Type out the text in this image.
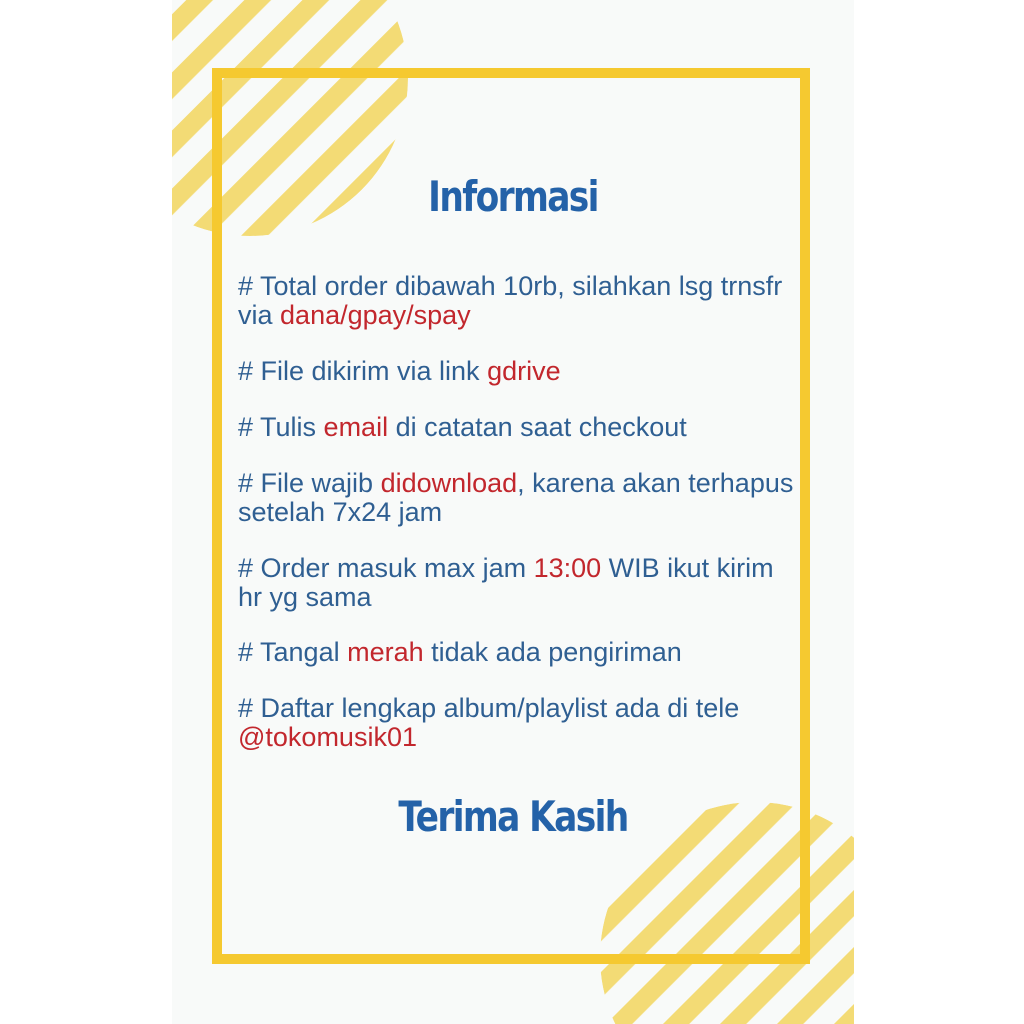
Informasi

# Total order dibawah 10rb, silahkan lsg trnsfr via dana/gpay/spay

# File dikirim via link gdrive

# Tulis email di catatan saat checkout

# File wajib didownload, karena akan terhapus setelah 7x24 jam

# Order masuk max jam 13:00 WIB ikut kirim hr yg sama

# Tangal merah tidak ada pengiriman

# Daftar lengkap album/playlist ada di tele @tokomusik01

Terima Kasih
